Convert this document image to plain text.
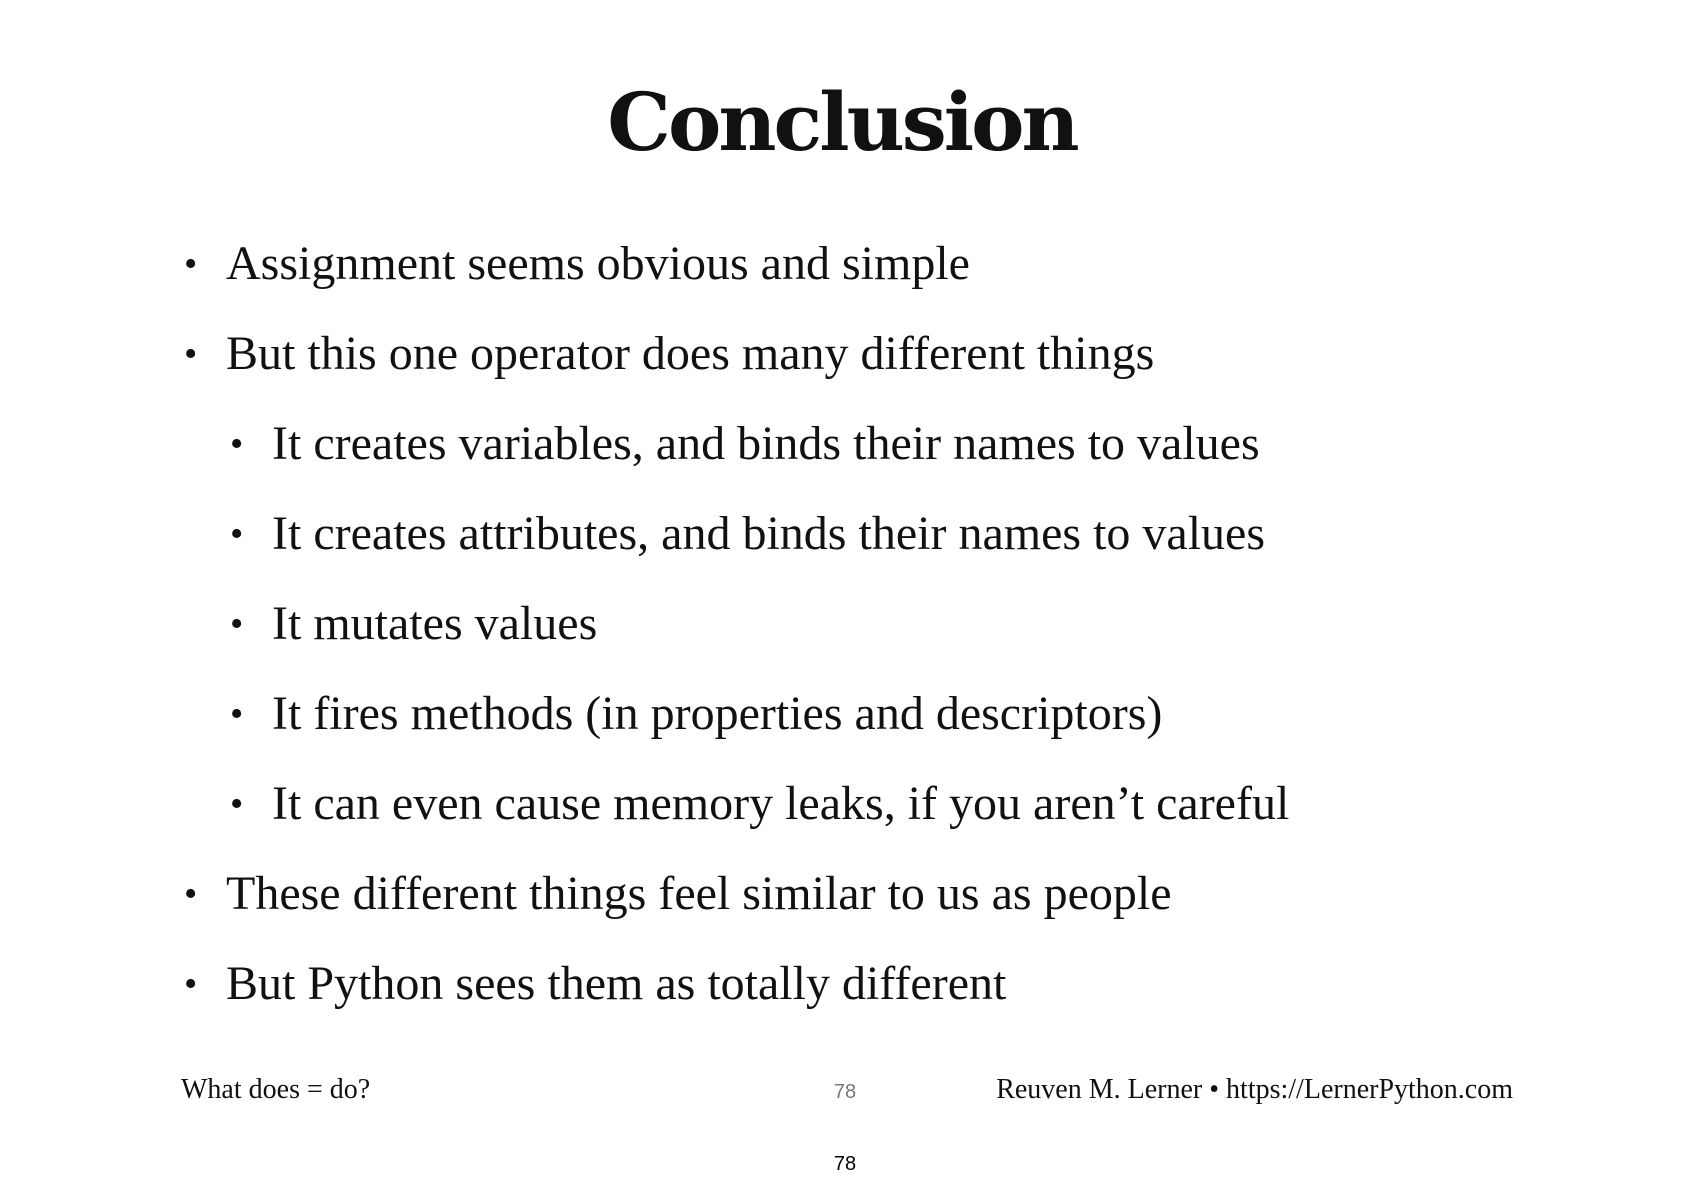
Conclusion
• Assignment seems obvious and simple
• But this one operator does many different things
• It creates variables, and binds their names to values
• It creates attributes, and binds their names to values
• It mutates values
• It fires methods (in properties and descriptors)
• It can even cause memory leaks, if you aren’t careful
• These different things feel similar to us as people
• But Python sees them as totally different
What does = do?	78	Reuven M. Lerner • https://LernerPython.com
78
